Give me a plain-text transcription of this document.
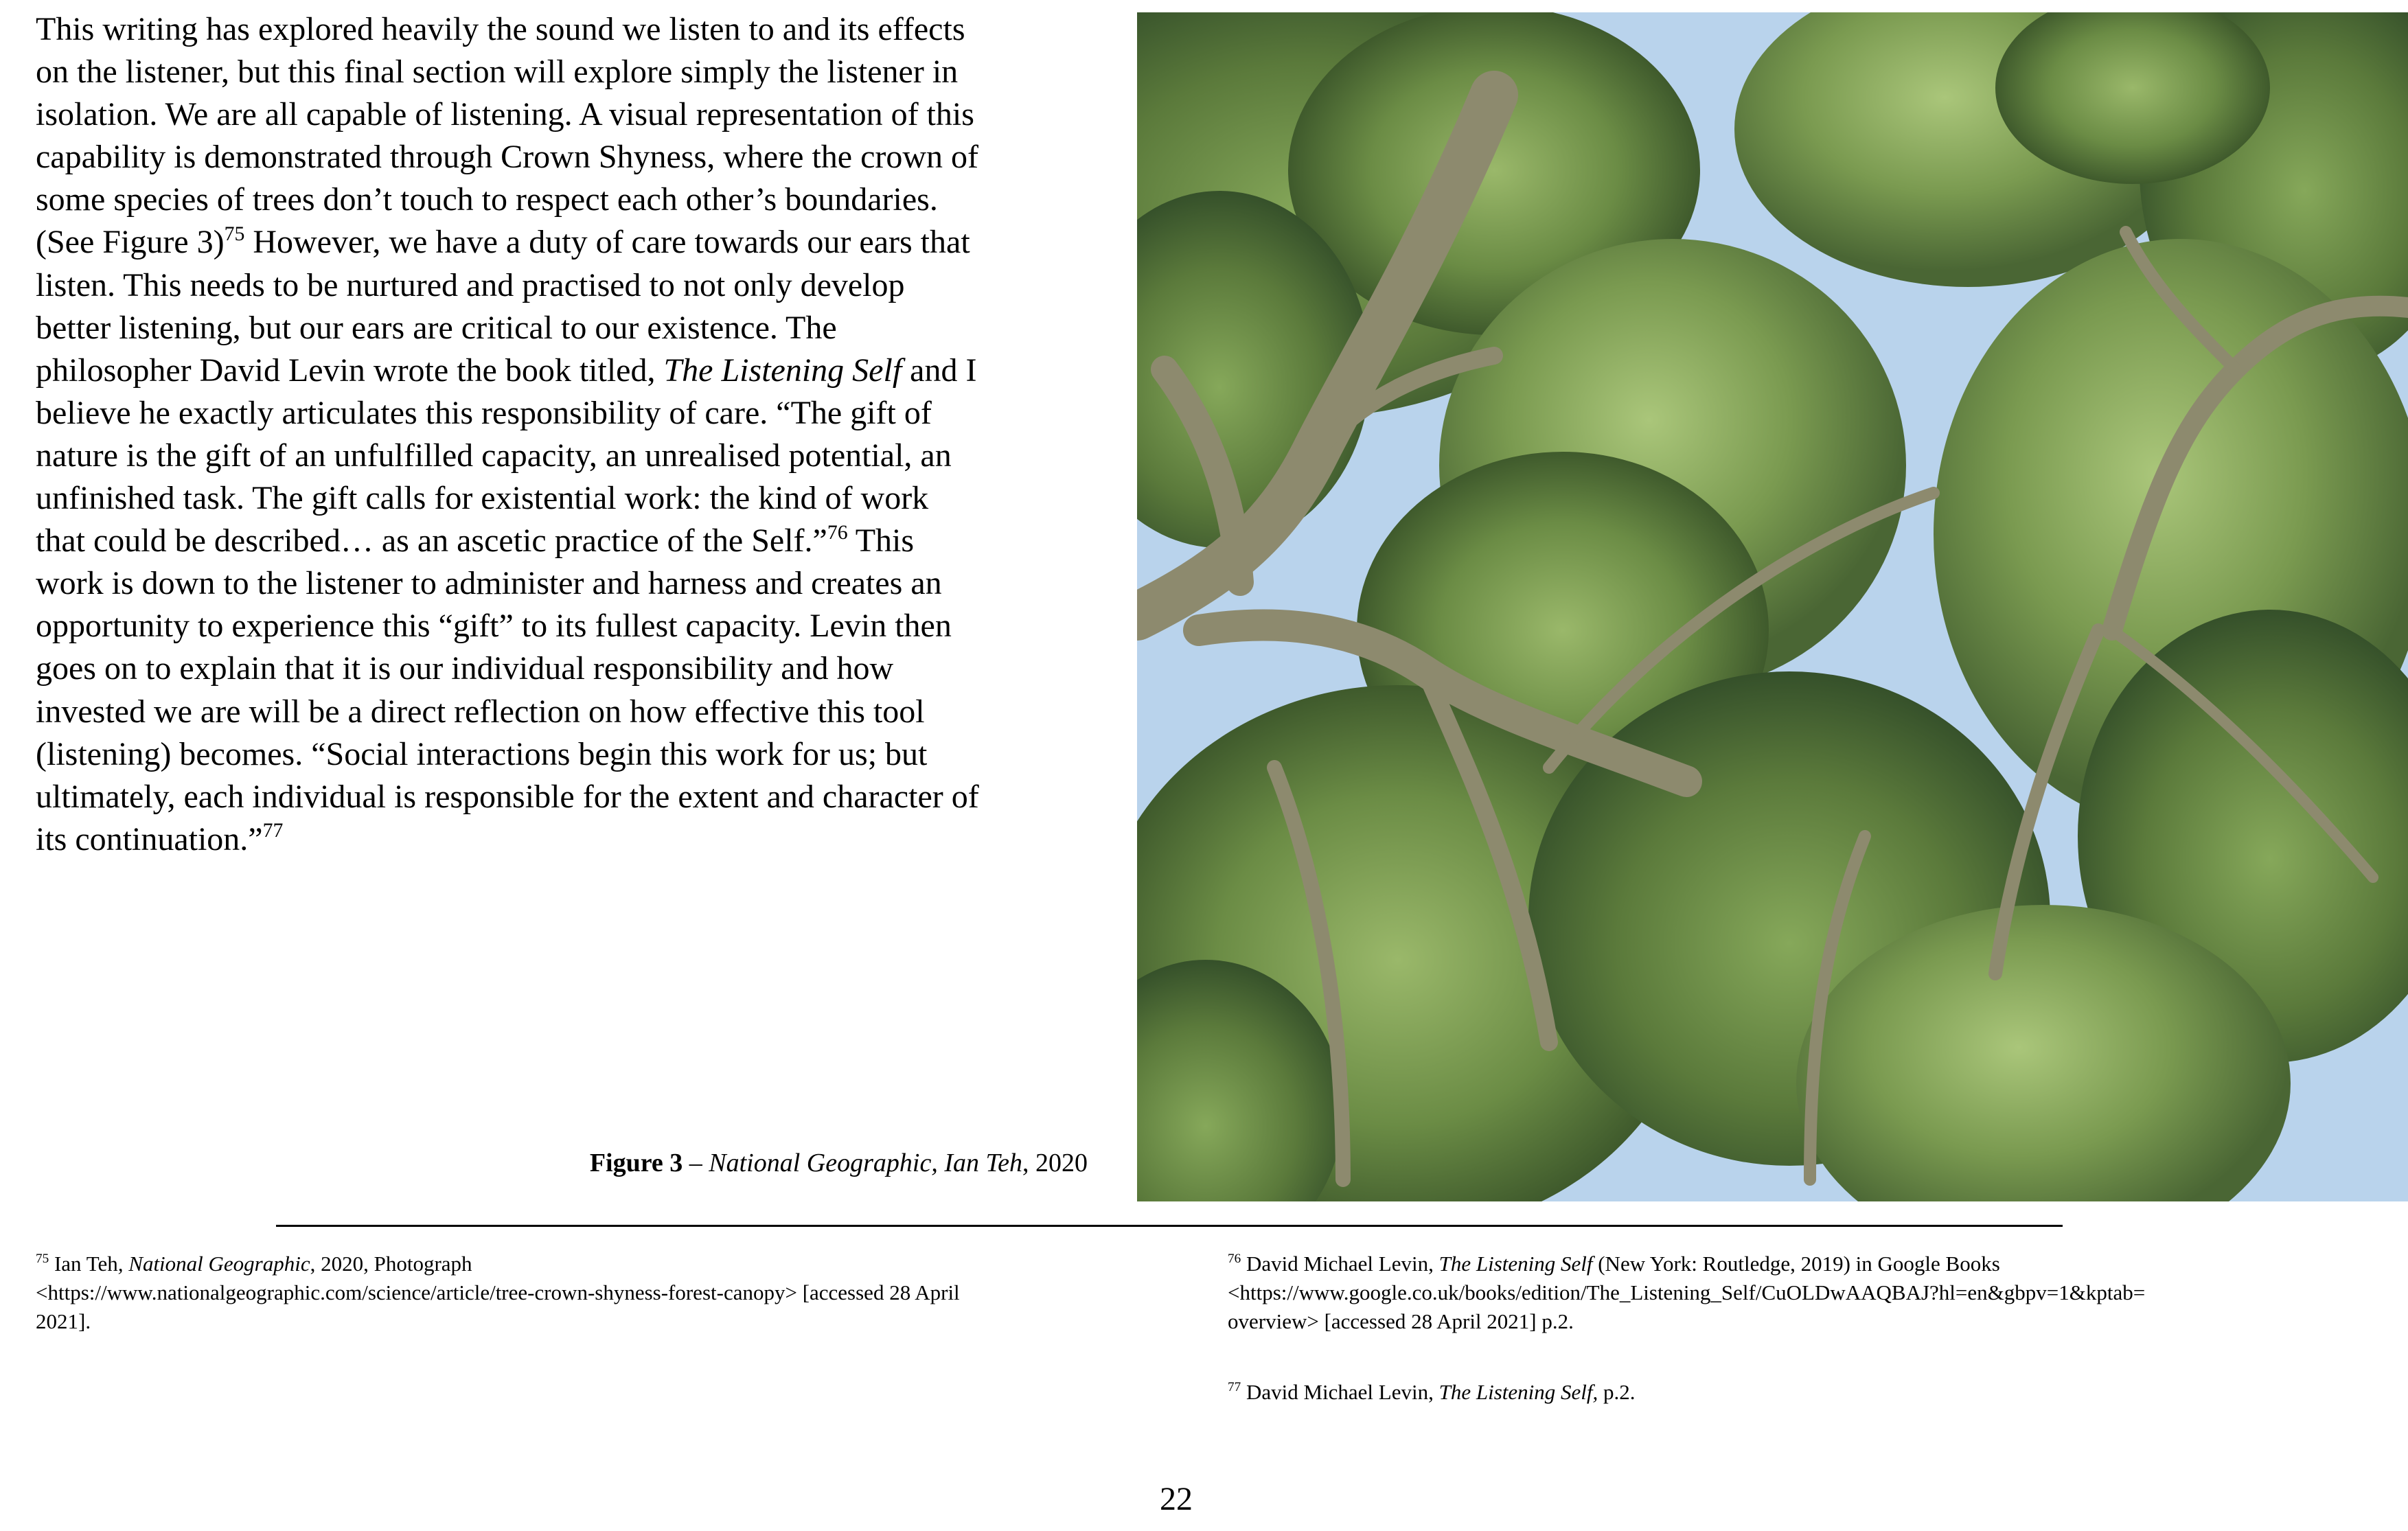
This writing has explored heavily the sound we listen to and its effects
on the listener, but this final section will explore simply the listener in
isolation. We are all capable of listening. A visual representation of this
capability is demonstrated through Crown Shyness, where the crown of
some species of trees don’t touch to respect each other’s boundaries.
(See Figure 3)$^{75}$ However, we have a duty of care towards our ears that
listen. This needs to be nurtured and practised to not only develop
better listening, but our ears are critical to our existence. The
philosopher David Levin wrote the book titled, The Listening Self and I
believe he exactly articulates this responsibility of care. “The gift of
nature is the gift of an unfulfilled capacity, an unrealised potential, an
unfinished task. The gift calls for existential work: the kind of work
that could be described… as an ascetic practice of the Self.”$^{76}$ This
work is down to the listener to administer and harness and creates an
opportunity to experience this “gift” to its fullest capacity. Levin then
goes on to explain that it is our individual responsibility and how
invested we are will be a direct reflection on how effective this tool
(listening) becomes. “Social interactions begin this work for us; but
ultimately, each individual is responsible for the extent and character of
its continuation.”$^{77}$
Figure 3 – National Geographic, Ian Teh, 2020
$^{75}$ Ian Teh, National Geographic, 2020, Photograph
<https://www.nationalgeographic.com/science/article/tree-crown-shyness-forest-canopy> [accessed 28 April
2021].
$^{76}$ David Michael Levin, The Listening Self (New York: Routledge, 2019) in Google Books
<https://www.google.co.uk/books/edition/The_Listening_Self/CuOLDwAAQBAJ?hl=en&gbpv=1&kptab=
overview> [accessed 28 April 2021] p.2.
$^{77}$ David Michael Levin, The Listening Self, p.2.
22
